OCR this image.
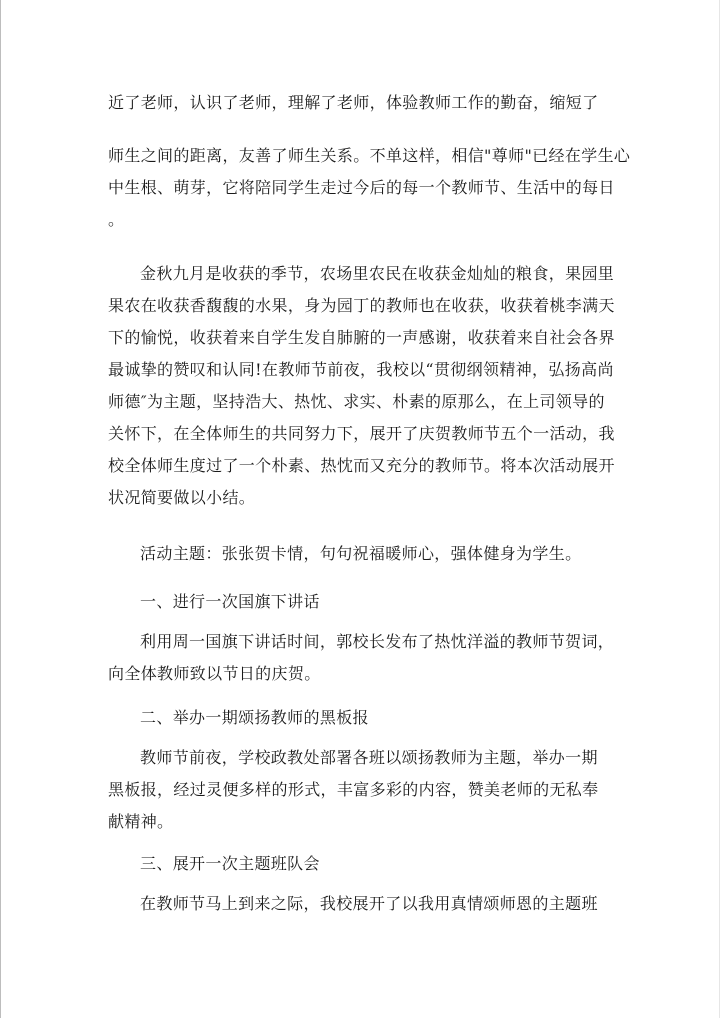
近了老师，认识了老师，理解了老师，体验教师工作的勤奋，缩短了

师生之间的距离，友善了师生关系。不单这样，相信"尊师"已经在学生心

中生根、萌芽，它将陪同学生走过今后的每一个教师节、生活中的每日

。

金秋九月是收获的季节，农场里农民在收获金灿灿的粮食，果园里

果农在收获香馥馥的水果，身为园丁的教师也在收获，收获着桃李满天

下的愉悦，收获着来自学生发自肺腑的一声感谢，收获着来自社会各界

最诚挚的赞叹和认同!在教师节前夜，我校以“贯彻纲领精神，弘扬高尚

师德″为主题，坚持浩大、热忱、求实、朴素的原那么，在上司领导的

关怀下，在全体师生的共同努力下，展开了庆贺教师节五个一活动，我

校全体师生度过了一个朴素、热忱而又充分的教师节。将本次活动展开

状况简要做以小结。

活动主题：张张贺卡情，句句祝福暖师心，强体健身为学生。

一、进行一次国旗下讲话

利用周一国旗下讲话时间，郭校长发布了热忱洋溢的教师节贺词，

向全体教师致以节日的庆贺。

二、举办一期颂扬教师的黑板报

教师节前夜，学校政教处部署各班以颂扬教师为主题，举办一期

黑板报，经过灵便多样的形式，丰富多彩的内容，赞美老师的无私奉

献精神。

三、展开一次主题班队会

在教师节马上到来之际，我校展开了以我用真情颂师恩的主题班
